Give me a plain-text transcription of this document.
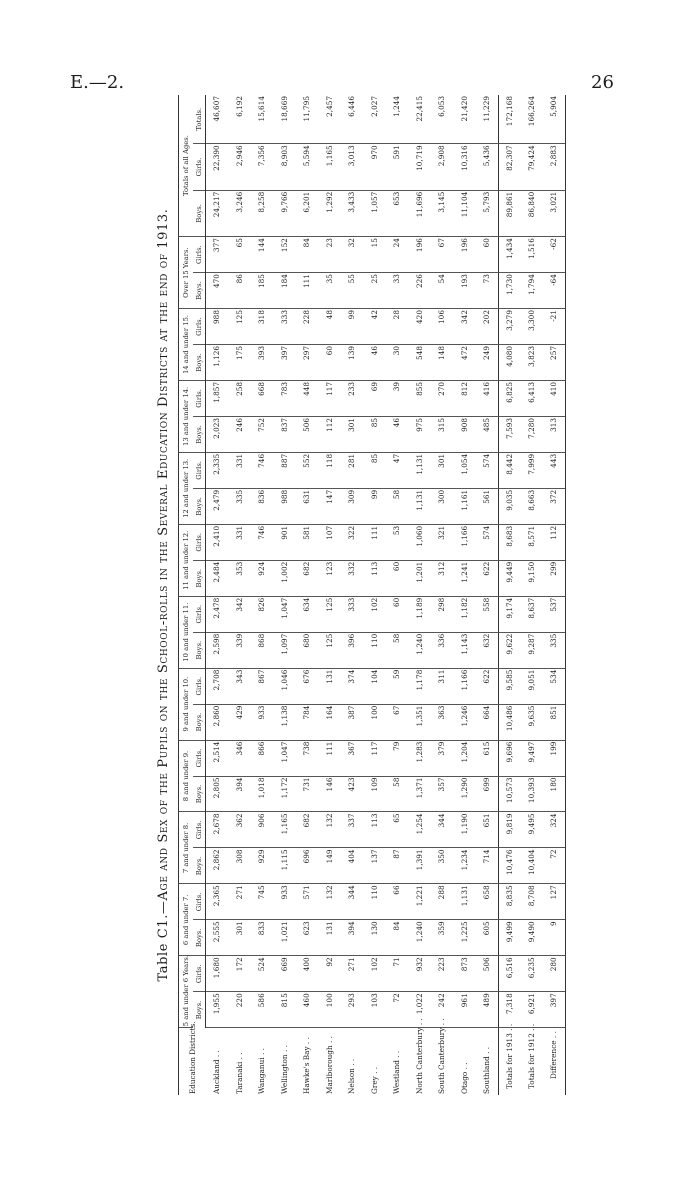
E.—2.	26
Table C1.—Age and Sex of the Pupils on the School-rolls in the Several Education Districts at the end of 1913.
Education Districts.	5 and under 6 Years.		6 and under 7.		7 and under 8.		8 and under 9.		9 and under 10.		10 and under 11.		11 and under 12.		12 and under 13.		13 and under 14.		14 and under 15.		Over 15 Years.		Totals of all Ages.		
	Boys.	Girls.	Boys.	Girls.	Boys.	Girls.	Boys.	Girls.	Boys.	Girls.	Boys.	Girls.	Boys.	Girls.	Boys.	Girls.	Boys.	Girls.	Boys.	Girls.	Boys.	Girls.	Boys.	Girls.	Totals.
Auckland . .	1,955	1,680	2,555	2,365	2,862	2,678	2,805	2,514	2,860	2,708	2,598	2,478	2,484	2,410	2,479	2,335	2,023	1,857	1,126	988	470	377	24,217	22,390	46,607
Taranaki . .	220	172	301	271	308	362	394	346	429	343	339	342	353	331	335	331	246	258	175	125	86	65	3,246	2,946	6,192
Wanganui . .	586	524	833	745	929	906	1,018	866	933	867	868	826	924	746	836	746	752	668	393	318	185	144	8,258	7,356	15,614
Wellington . .	815	669	1,021	933	1,115	1,165	1,172	1,047	1,138	1,046	1,097	1,047	1,002	901	988	887	837	783	397	333	184	152	9,766	8,903	18,669
Hawke's Bay . .	460	400	623	571	696	682	731	738	784	676	680	634	682	581	631	552	506	448	297	228	111	84	6,201	5,594	11,795
Marlborough . .	100	92	131	132	149	132	146	111	164	131	125	125	123	107	147	118	112	117	60	48	35	23	1,292	1,165	2,457
Nelson . .	293	271	394	344	404	337	423	367	387	374	396	333	332	322	309	281	301	233	139	99	55	32	3,433	3,013	6,446
Grey . .	103	102	130	110	137	113	109	117	100	104	110	102	113	111	99	85	85	69	46	42	25	15	1,057	970	2,027
Westland . .	72	71	84	66	87	65	58	79	67	59	58	60	60	53	58	47	46	39	30	28	33	24	653	591	1,244
North Canterbury . .	1,022	932	1,240	1,221	1,391	1,254	1,371	1,283	1,351	1,178	1,240	1,189	1,201	1,060	1,131	1,131	975	855	548	420	226	196	11,696	10,719	22,415
South Canterbury . .	242	223	359	288	350	344	357	379	363	311	336	298	312	321	300	301	315	270	148	106	54	67	3,145	2,908	6,053
Otago . .	961	873	1,225	1,131	1,234	1,190	1,290	1,204	1,246	1,166	1,143	1,182	1,241	1,166	1,161	1,054	908	812	472	342	193	196	11,104	10,316	21,420
Southland . .	489	506	605	658	714	651	699	615	664	622	632	558	622	574	561	574	485	416	249	202	73	60	5,793	5,436	11,229
Totals for 1913 . .	7,318	6,516	9,499	8,835	10,476	9,819	10,573	9,696	10,486	9,585	9,622	9,174	9,449	8,683	9,035	8,442	7,593	6,825	4,080	3,279	1,730	1,434	89,861	82,307	172,168
Totals for 1912 . .	6,921	6,235	9,490	8,708	10,404	9,495	10,393	9,497	9,635	9,051	9,287	8,637	9,150	8,571	8,663	7,999	7,280	6,413	3,823	3,300	1,794	1,516	86,840	79,424	166,264
Difference . .	397	280	9	127	72	324	180	199	851	534	335	537	299	112	372	443	313	410	257	-21	-64	-62	3,021	2,883	5,904
